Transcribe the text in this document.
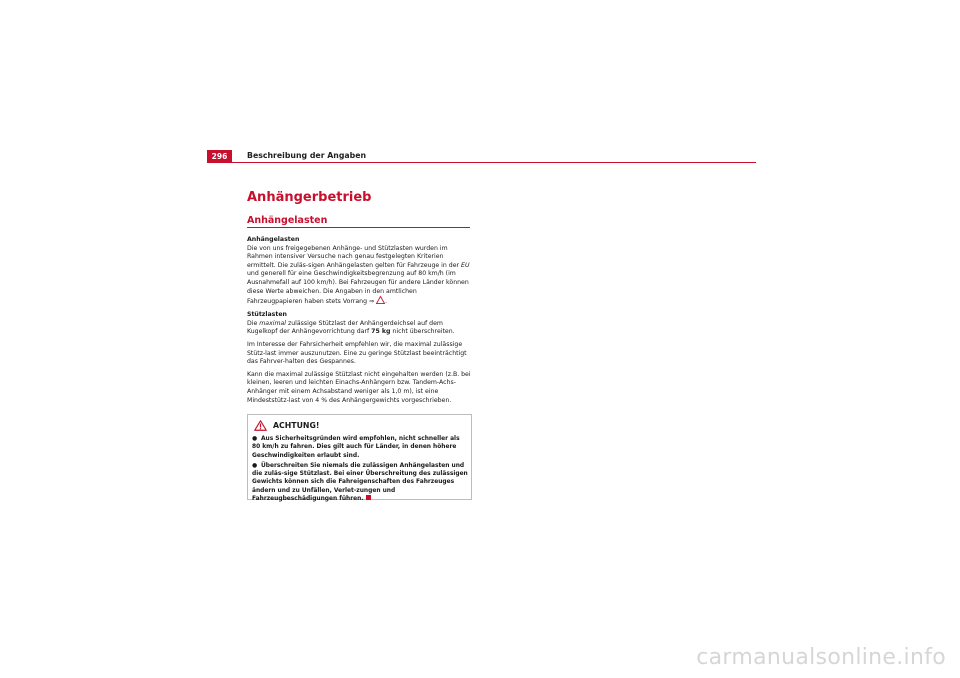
296	Beschreibung der Angaben
Anhängerbetrieb
Anhängelasten

Anhängelasten
Die von uns freigegebenen Anhänge- und Stützlasten wurden im Rahmen intensiver Versuche nach genau festgelegten Kriterien ermittelt. Die zuläs-sigen Anhängelasten gelten für Fahrzeuge in der EU und generell für eine Geschwindigkeitsbegrenzung auf 80 km/h (im Ausnahmefall auf 100 km/h). Bei Fahrzeugen für andere Länder können diese Werte abweichen. Die Angaben in den amtlichen Fahrzeugpapieren haben stets Vorrang ⇒ .

Stützlasten
Die maximal zulässige Stützlast der Anhängerdeichsel auf dem Kugelkopf der Anhängevorrichtung darf 75 kg nicht überschreiten.

Im Interesse der Fahrsicherheit empfehlen wir, die maximal zulässige Stütz-last immer auszunutzen. Eine zu geringe Stützlast beeinträchtigt das Fahrver-halten des Gespannes.

Kann die maximal zulässige Stützlast nicht eingehalten werden (z.B. bei kleinen, leeren und leichten Einachs-Anhängern bzw. Tandem-Achs-Anhänger mit einem Achsabstand weniger als 1,0 m), ist eine Mindeststütz-last von 4 % des Anhängergewichts vorgeschrieben.

ACHTUNG!
● Aus Sicherheitsgründen wird empfohlen, nicht schneller als 80 km/h zu fahren. Dies gilt auch für Länder, in denen höhere Geschwindigkeiten erlaubt sind.
● Überschreiten Sie niemals die zulässigen Anhängelasten und die zuläs-sige Stützlast. Bei einer Überschreitung des zulässigen Gewichts können sich die Fahreigenschaften des Fahrzeuges ändern und zu Unfällen, Verlet-zungen und Fahrzeugbeschädigungen führen.
carmanualsonline.info
